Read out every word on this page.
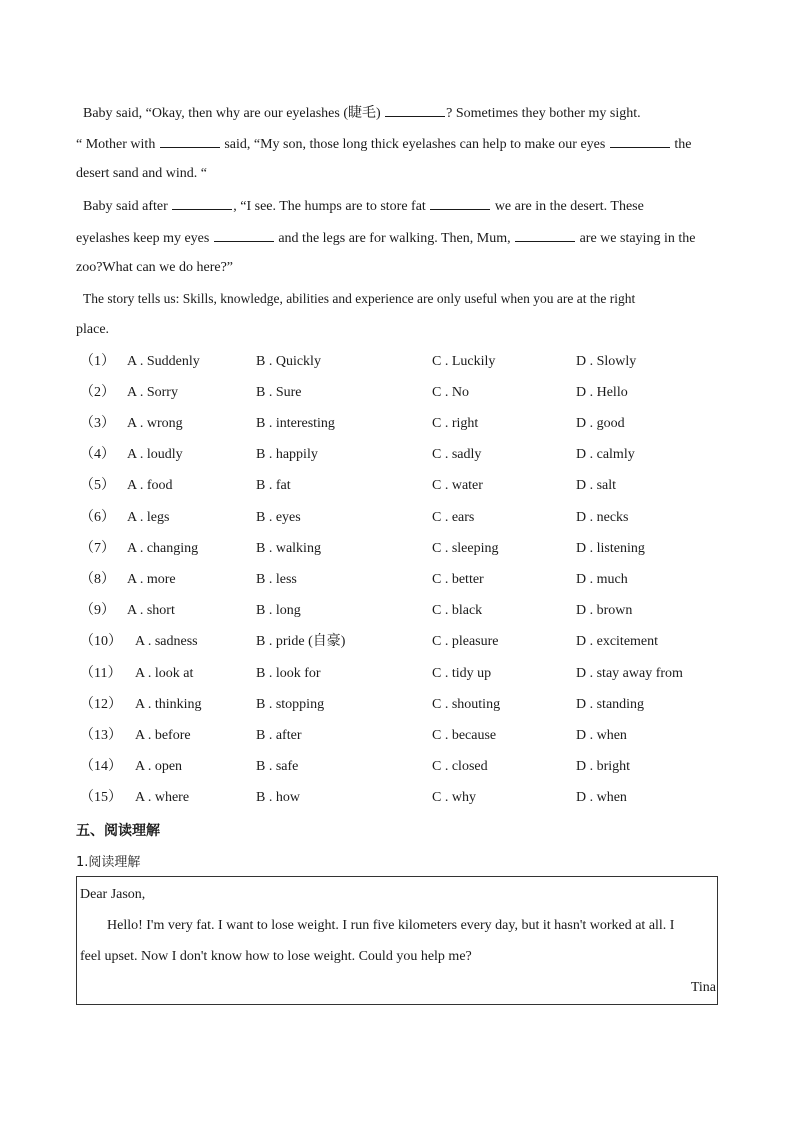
Baby said, “Okay, then why are our eyelashes (睫毛)	? Sometimes they bother my sight.
“ Mother with	said, “My son, those long thick eyelashes can help to make our eyes	the
desert sand and wind. “
Baby said after	, “I see. The humps are to store fat	we are in the desert. These
eyelashes keep my eyes	and the legs are for walking. Then, Mum,	are we staying in the
zoo?What can we do here?”
The story tells us: Skills, knowledge, abilities and experience are only useful when you are at the right
place.
（1） A . Suddenly	B . Quickly	C . Luckily	D . Slowly
（2） A . Sorry	B . Sure	C . No	D . Hello
（3） A . wrong	B . interesting	C . right	D . good
（4） A . loudly	B . happily	C . sadly	D . calmly
（5） A . food	B . fat	C . water	D . salt
（6） A . legs	B . eyes	C . ears	D . necks
（7） A . changing	B . walking	C . sleeping	D . listening
（8） A . more	B . less	C . better	D . much
（9） A . short	B . long	C . black	D . brown
（10） A . sadness	B . pride (自豪)	C . pleasure	D . excitement
（11） A . look at	B . look for	C . tidy up	D . stay away from
（12） A . thinking	B . stopping	C . shouting	D . standing
（13） A . before	B . after	C . because	D . when
（14） A . open	B . safe	C . closed	D . bright
（15） A . where	B . how	C . why	D . when
五、阅读理解
1.阅读理解
Dear Jason,
Hello! I'm very fat. I want to lose weight. I run five kilometers every day, but it hasn't worked at all. I
feel upset. Now I don't know how to lose weight. Could you help me?
Tina
